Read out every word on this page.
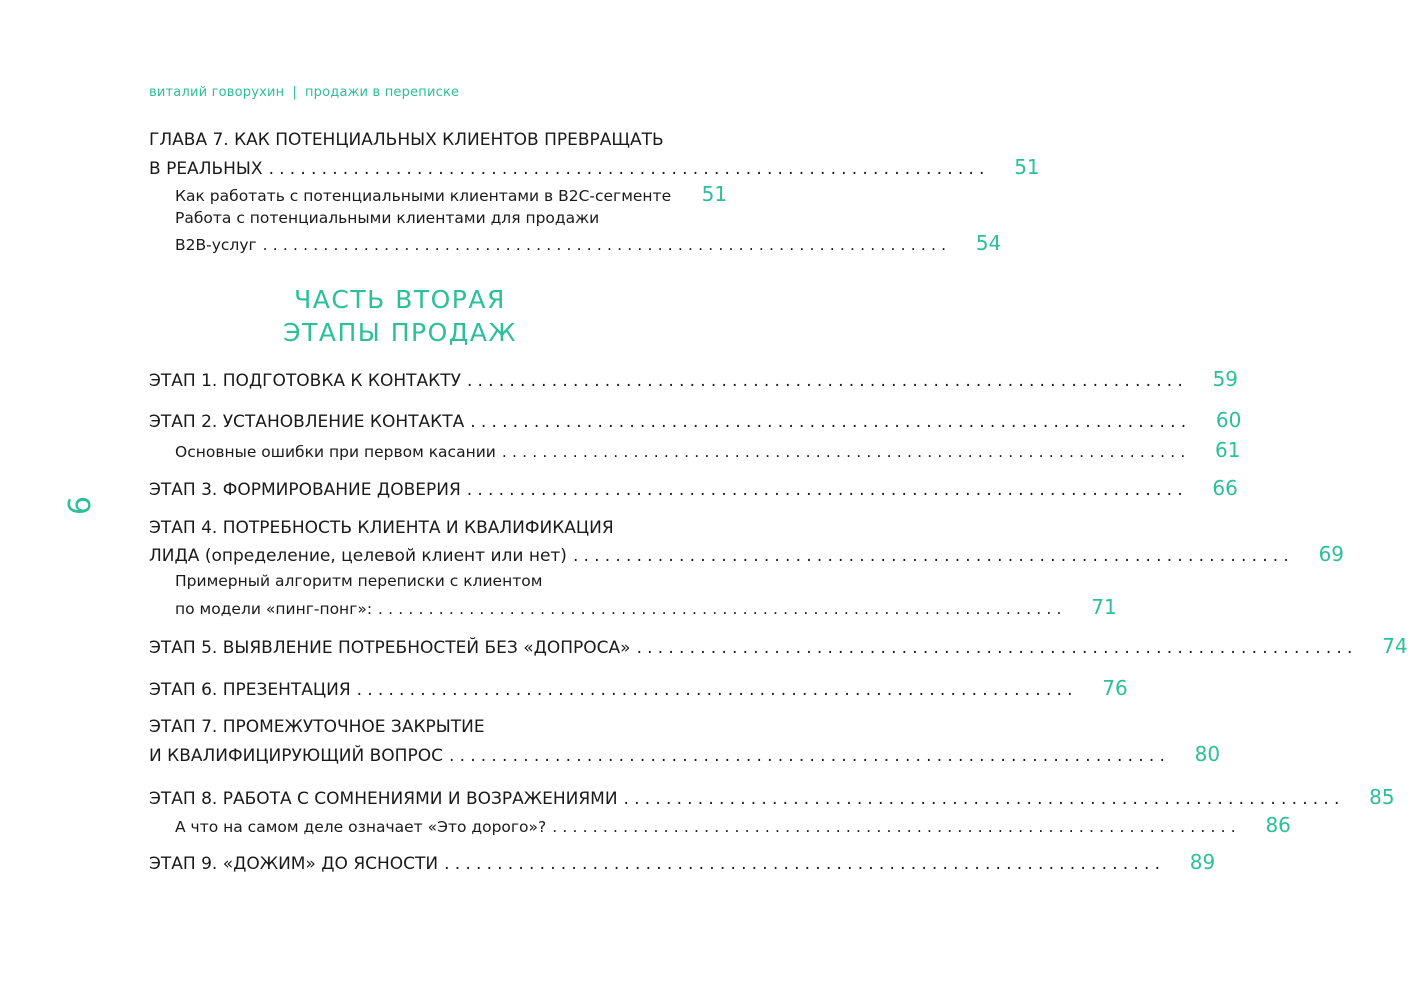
виталий говорухин | продажи в переписке
9
ГЛАВА 7. КАК ПОТЕНЦИАЛЬНЫХ КЛИЕНТОВ ПРЕВРАЩАТЬ
В РЕАЛЬНЫХ ....................................................................	51
Как работать с потенциальными клиентами в B2C-сегменте	51
Работа с потенциальными клиентами для продажи
B2B-услуг ....................................................................	54
ЧАСТЬ ВТОРАЯ
ЭТАПЫ ПРОДАЖ
ЭТАП 1. ПОДГОТОВКА К КОНТАКТУ ....................................................................	59
ЭТАП 2. УСТАНОВЛЕНИЕ КОНТАКТА ....................................................................	60
Основные ошибки при первом касании ....................................................................	61
ЭТАП 3. ФОРМИРОВАНИЕ ДОВЕРИЯ ....................................................................	66
ЭТАП 4. ПОТРЕБНОСТЬ КЛИЕНТА И КВАЛИФИКАЦИЯ
ЛИДА (определение, целевой клиент или нет) ....................................................................	69
Примерный алгоритм переписки с клиентом
по модели «пинг-понг»: ....................................................................	71
ЭТАП 5. ВЫЯВЛЕНИЕ ПОТРЕБНОСТЕЙ БЕЗ «ДОПРОСА» ....................................................................	74
ЭТАП 6. ПРЕЗЕНТАЦИЯ ....................................................................	76
ЭТАП 7. ПРОМЕЖУТОЧНОЕ ЗАКРЫТИЕ
И КВАЛИФИЦИРУЮЩИЙ ВОПРОС ....................................................................	80
ЭТАП 8. РАБОТА С СОМНЕНИЯМИ И ВОЗРАЖЕНИЯМИ ....................................................................	85
А что на самом деле означает «Это дорого»? ....................................................................	86
ЭТАП 9. «ДОЖИМ» ДО ЯСНОСТИ ....................................................................	89
